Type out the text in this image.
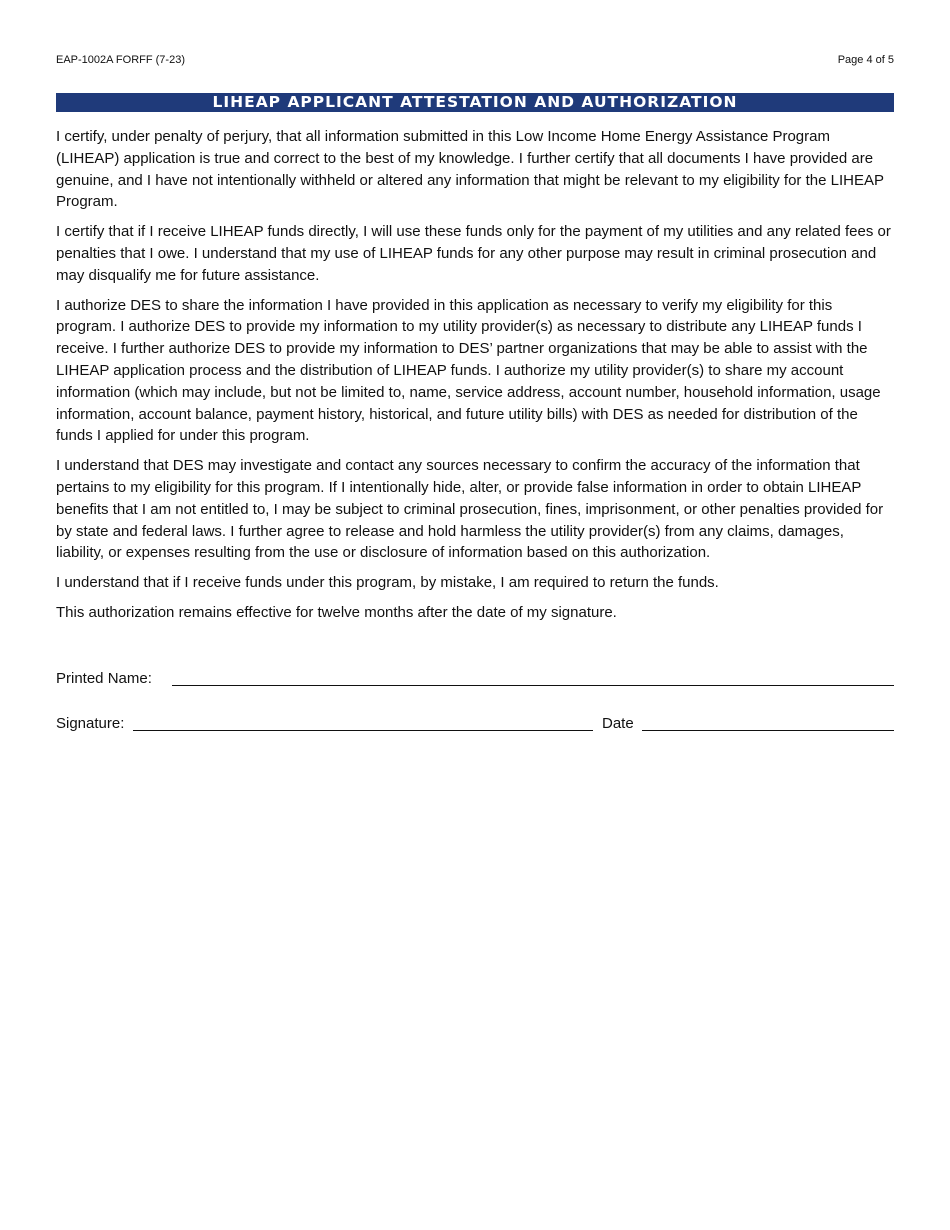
EAP-1002A FORFF (7-23)	Page 4 of 5
LIHEAP APPLICANT ATTESTATION AND AUTHORIZATION

I certify, under penalty of perjury, that all information submitted in this Low Income Home Energy Assistance Program (LIHEAP) application is true and correct to the best of my knowledge. I further certify that all documents I have provided are genuine, and I have not intentionally withheld or altered any information that might be relevant to my eligibility for the LIHEAP Program.

I certify that if I receive LIHEAP funds directly, I will use these funds only for the payment of my utilities and any related fees or penalties that I owe. I understand that my use of LIHEAP funds for any other purpose may result in criminal prosecution and may disqualify me for future assistance.

I authorize DES to share the information I have provided in this application as necessary to verify my eligibility for this program. I authorize DES to provide my information to my utility provider(s) as necessary to distribute any LIHEAP funds I receive. I further authorize DES to provide my information to DES’ partner organizations that may be able to assist with the LIHEAP application process and the distribution of LIHEAP funds. I authorize my utility provider(s) to share my account information (which may include, but not be limited to, name, service address, account number, household information, usage information, account balance, payment history, historical, and future utility bills) with DES as needed for distribution of the funds I applied for under this program.

I understand that DES may investigate and contact any sources necessary to confirm the accuracy of the information that pertains to my eligibility for this program. If I intentionally hide, alter, or provide false information in order to obtain LIHEAP benefits that I am not entitled to, I may be subject to criminal prosecution, fines, imprisonment, or other penalties provided for by state and federal laws. I further agree to release and hold harmless the utility provider(s) from any claims, damages, liability, or expenses resulting from the use or disclosure of information based on this authorization.

I understand that if I receive funds under this program, by mistake, I am required to return the funds.

This authorization remains effective for twelve months after the date of my signature.

Printed Name:
Signature:	Date
